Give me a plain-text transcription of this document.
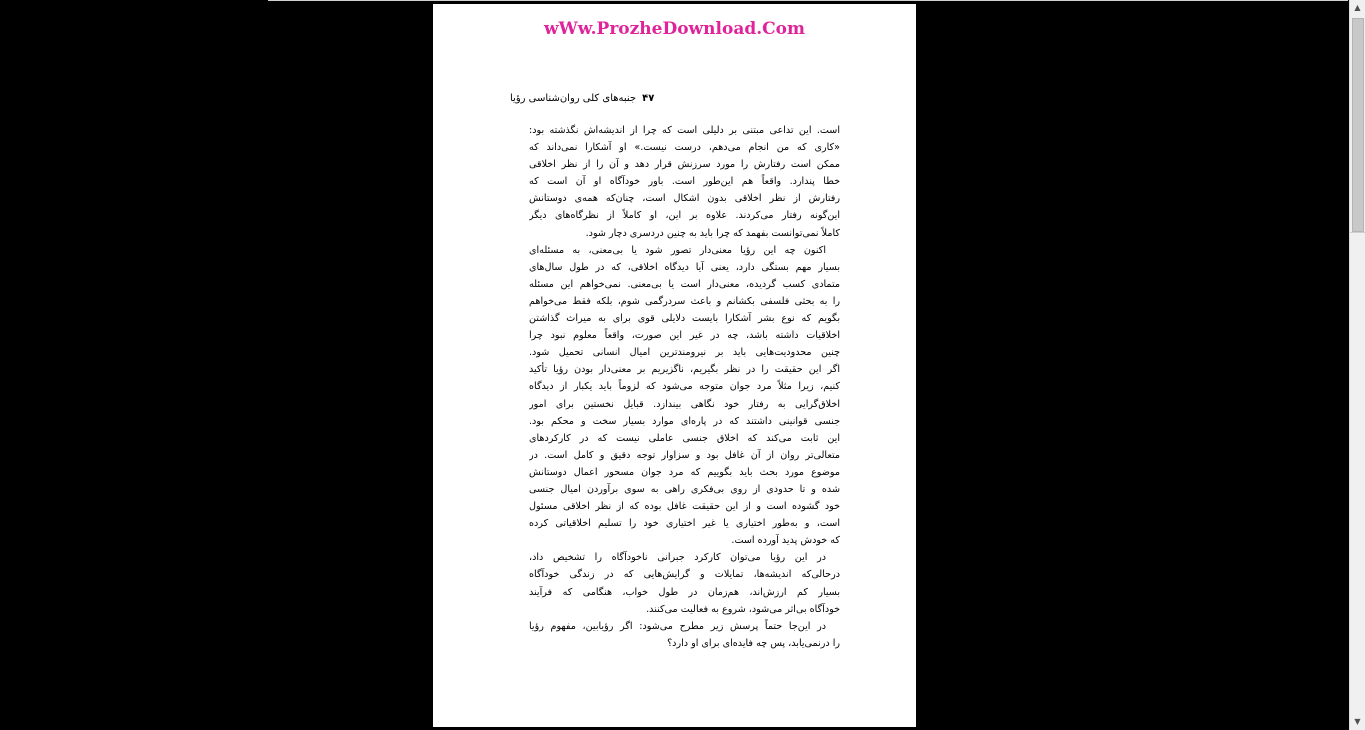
wWw.ProzheDownload.Com
۴۷جنبه‌های کلی روان‌شناسی رؤیا
است. این تداعی مبتنی بر دلیلی است که چرا از اندیشه‌اش نگذشته بود:
«کاری که من انجام می‌دهم، درست نیست.» او آشکارا نمی‌داند که
ممکن است رفتارش را مورد سرزنش قرار دهد و آن را از نظر اخلاقی
خطا پندارد. واقعاً هم این‌طور است. باور خودآگاه او آن است که
رفتارش از نظر اخلاقی بدون اشکال است، چنان‌که همه‌ی دوستانش
این‌گونه رفتار می‌کردند. علاوه بر این، او کاملاً از نظرگاه‌های دیگر
کاملاً نمی‌توانست بفهمد که چرا باید به چنین دردسری دچار شود.
اکنون چه این رؤیا معنی‌دار تصور شود یا بی‌معنی، به مسئله‌ای
بسیار مهم بستگی دارد، یعنی آیا دیدگاه اخلاقی، که در طول سال‌های
متمادی کسب گردیده، معنی‌دار است یا بی‌معنی. نمی‌خواهم این مسئله
را به بحثی فلسفی بکشانم و باعث سردرگمی شوم، بلکه فقط می‌خواهم
بگویم که نوع بشر آشکارا بایست دلایلی قوی برای به میراث گذاشتن
اخلاقیات داشته باشد، چه در غیر این صورت، واقعاً معلوم نبود چرا
چنین محدودیت‌هایی باید بر نیرومندترین امیال انسانی تحمیل شود.
اگر این حقیقت را در نظر بگیریم، ناگزیریم بر معنی‌دار بودن رؤیا تأکید
کنیم، زیرا مثلاً مرد جوان متوجه می‌شود که لزوماً باید یکبار از دیدگاه
اخلاق‌گرایی به رفتار خود نگاهی بیندازد. قبایل نخستین برای امور
جنسی قوانینی داشتند که در پاره‌ای موارد بسیار سخت و محکم بود.
این ثابت می‌کند که اخلاق جنسی عاملی نیست که در کارکردهای
متعالی‌تر روان از آن غافل بود و سزاوار توجه دقیق و کامل است. در
موضوع مورد بحث باید بگوییم که مرد جوان مسحور اعمال دوستانش
شده و تا حدودی از روی بی‌فکری راهی به سوی برآوردن امیال جنسی
خود گشوده است و از این حقیقت غافل بوده که از نظر اخلاقی مسئول
است، و به‌طور اختیاری یا غیر اختیاری خود را تسلیم اخلاقیاتی کرده
که خودش پدید آورده است.
در این رؤیا می‌توان کارکرد جبرانی ناخودآگاه را تشخیص داد،
درحالی‌که اندیشه‌ها، تمایلات و گرایش‌هایی که در زندگی خودآگاه
بسیار کم ارزش‌اند، هم‌زمان در طول خواب، هنگامی که فرآیند
خودآگاه بی‌اثر می‌شود، شروع به فعالیت می‌کنند.
در این‌جا حتماً پرسش زیر مطرح می‌شود: اگر رؤیابین، مفهوم رؤیا
را درنمی‌یابد، پس چه فایده‌ای برای او دارد؟
▲
▼
